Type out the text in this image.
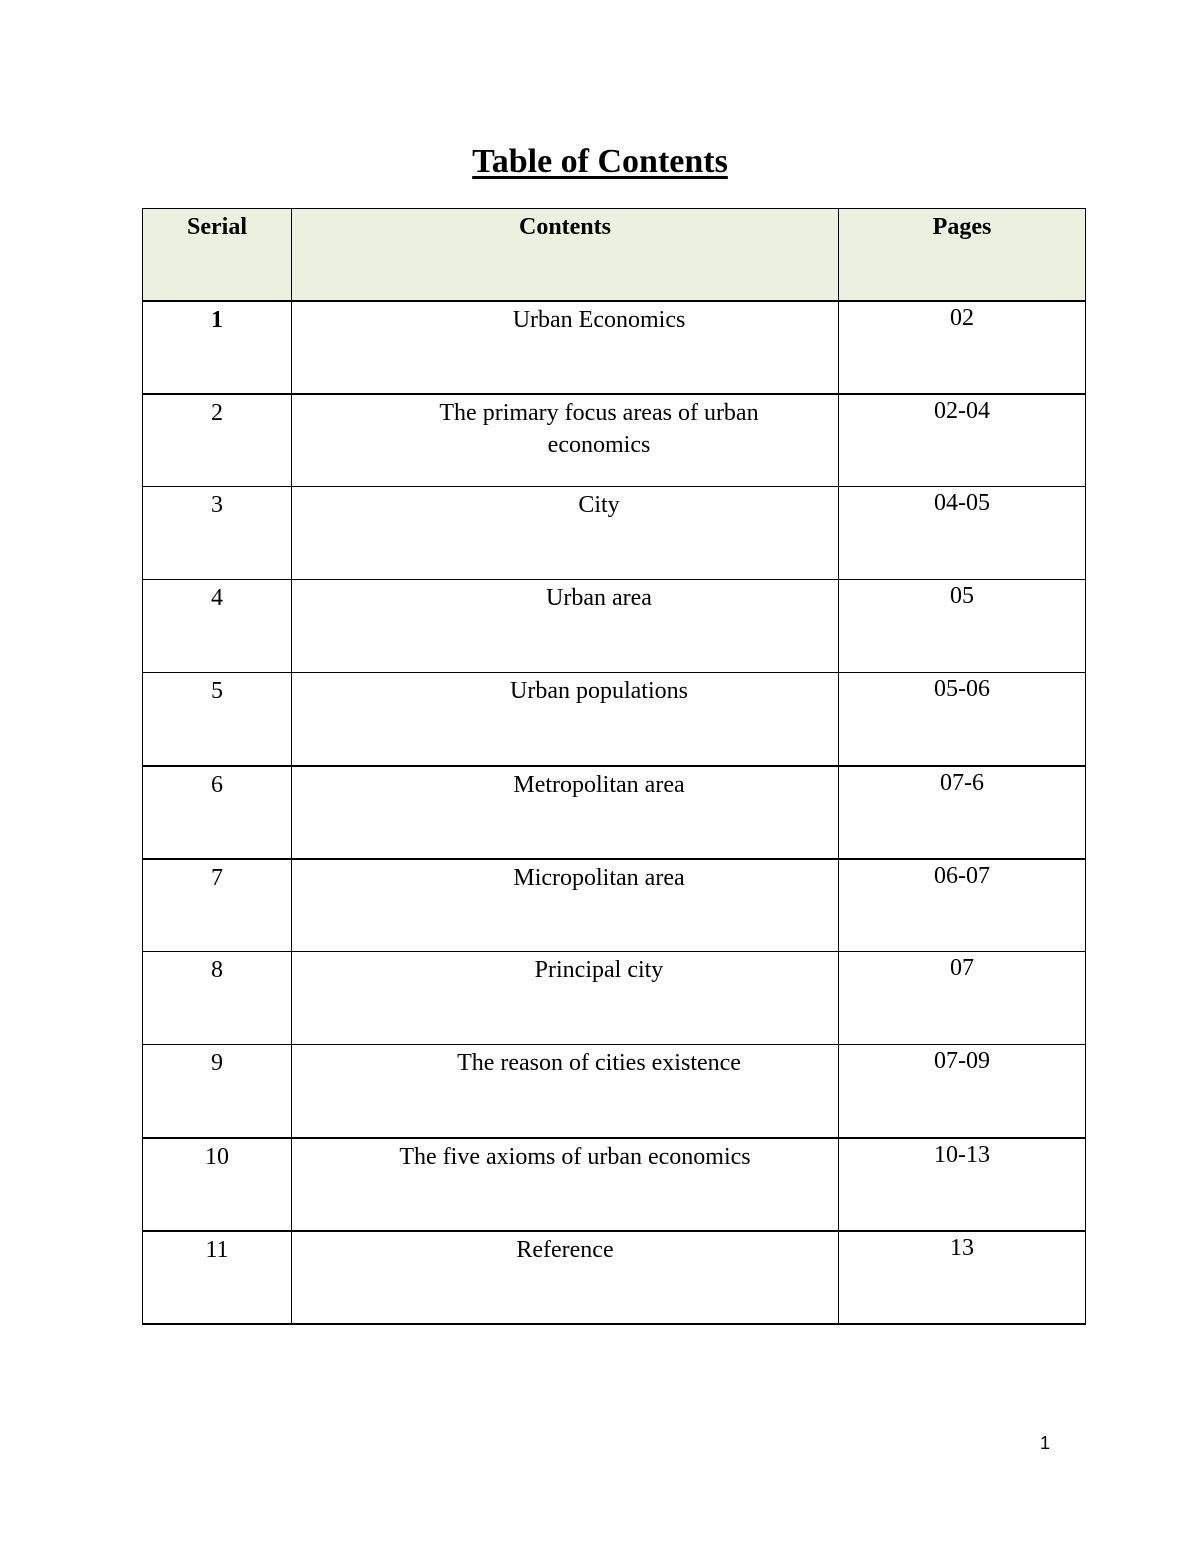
Table of Contents
Serial	Contents	Pages
1	Urban Economics	02
2	The primary focus areas of urban economics	02-04
3	City	04-05
4	Urban area	05
5	Urban populations	05-06
6	Metropolitan area	07-6
7	Micropolitan area	06-07
8	Principal city	07
9	The reason of cities existence	07-09
10	The five axioms of urban economics	10-13
11	Reference	13
1
